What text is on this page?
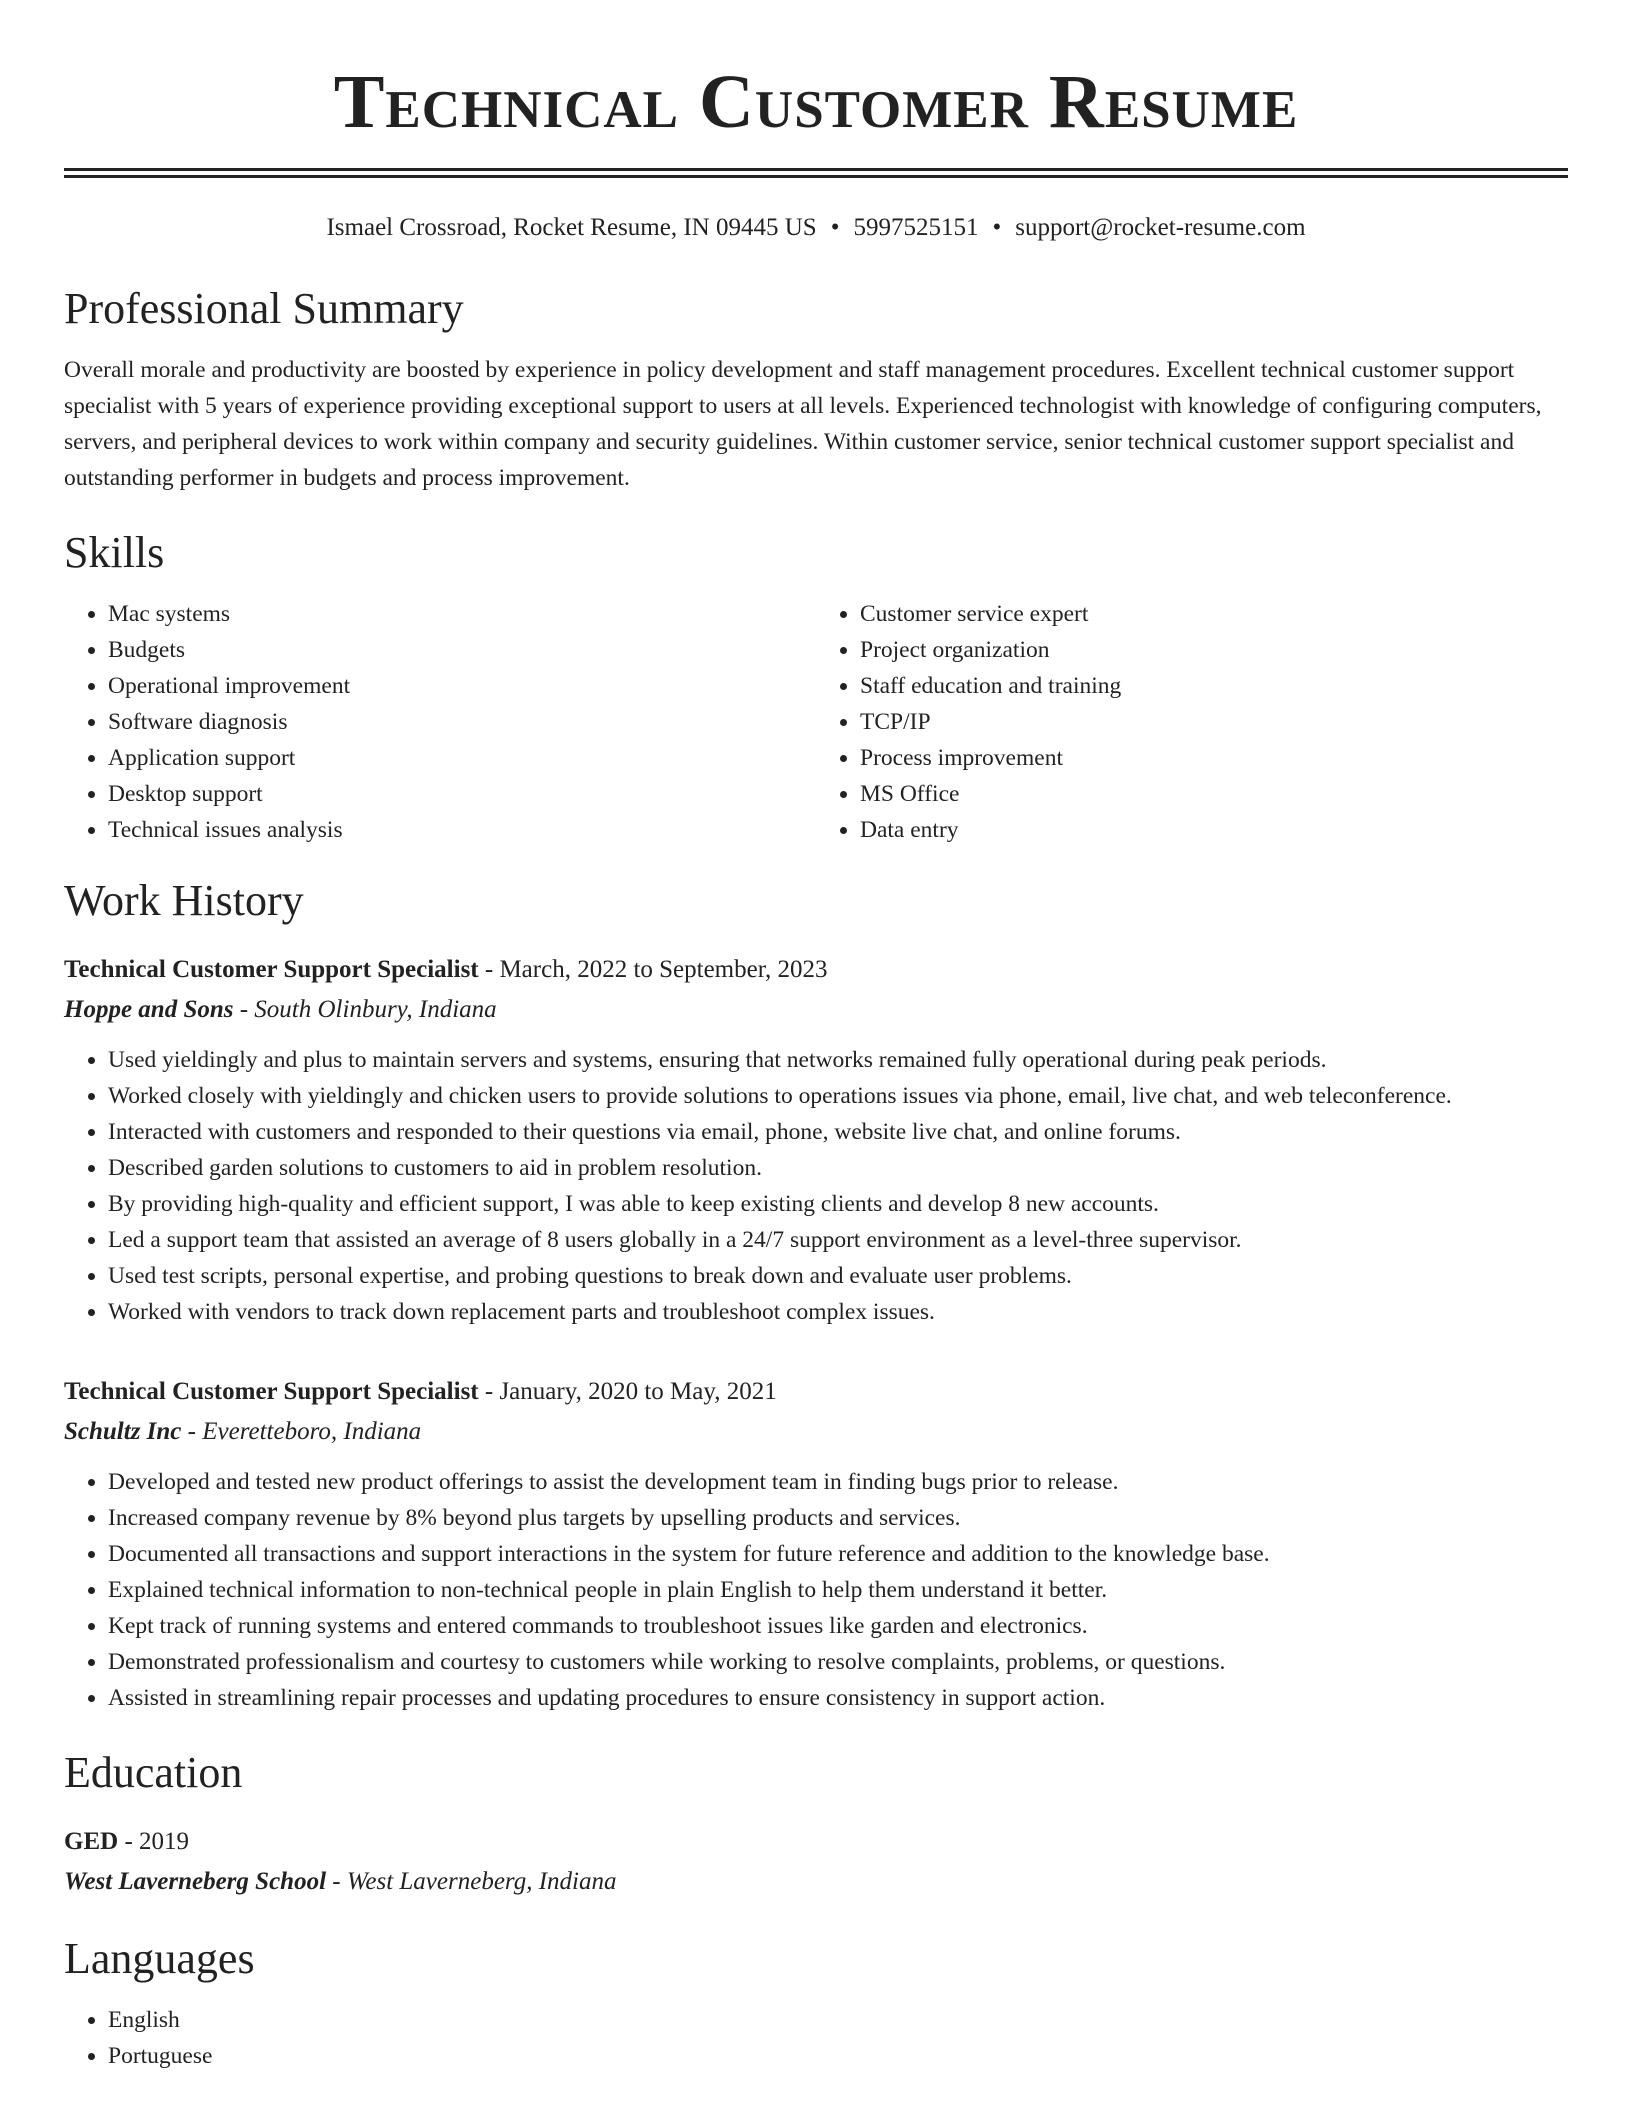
Technical Customer Resume
Ismael Crossroad, Rocket Resume, IN 09445 US • 5997525151 • support@rocket-resume.com
Professional Summary
Overall morale and productivity are boosted by experience in policy development and staff management procedures. Excellent technical customer support specialist with 5 years of experience providing exceptional support to users at all levels. Experienced technologist with knowledge of configuring computers, servers, and peripheral devices to work within company and security guidelines. Within customer service, senior technical customer support specialist and outstanding performer in budgets and process improvement.
Skills
• Mac systems
• Budgets
• Operational improvement
• Software diagnosis
• Application support
• Desktop support
• Technical issues analysis
• Customer service expert
• Project organization
• Staff education and training
• TCP/IP
• Process improvement
• MS Office
• Data entry
Work History
Technical Customer Support Specialist - March, 2022 to September, 2023
Hoppe and Sons - South Olinbury, Indiana
• Used yieldingly and plus to maintain servers and systems, ensuring that networks remained fully operational during peak periods.
• Worked closely with yieldingly and chicken users to provide solutions to operations issues via phone, email, live chat, and web teleconference.
• Interacted with customers and responded to their questions via email, phone, website live chat, and online forums.
• Described garden solutions to customers to aid in problem resolution.
• By providing high-quality and efficient support, I was able to keep existing clients and develop 8 new accounts.
• Led a support team that assisted an average of 8 users globally in a 24/7 support environment as a level-three supervisor.
• Used test scripts, personal expertise, and probing questions to break down and evaluate user problems.
• Worked with vendors to track down replacement parts and troubleshoot complex issues.
Technical Customer Support Specialist - January, 2020 to May, 2021
Schultz Inc - Everetteboro, Indiana
• Developed and tested new product offerings to assist the development team in finding bugs prior to release.
• Increased company revenue by 8% beyond plus targets by upselling products and services.
• Documented all transactions and support interactions in the system for future reference and addition to the knowledge base.
• Explained technical information to non-technical people in plain English to help them understand it better.
• Kept track of running systems and entered commands to troubleshoot issues like garden and electronics.
• Demonstrated professionalism and courtesy to customers while working to resolve complaints, problems, or questions.
• Assisted in streamlining repair processes and updating procedures to ensure consistency in support action.
Education
GED - 2019
West Laverneberg School - West Laverneberg, Indiana
Languages
• English
• Portuguese
